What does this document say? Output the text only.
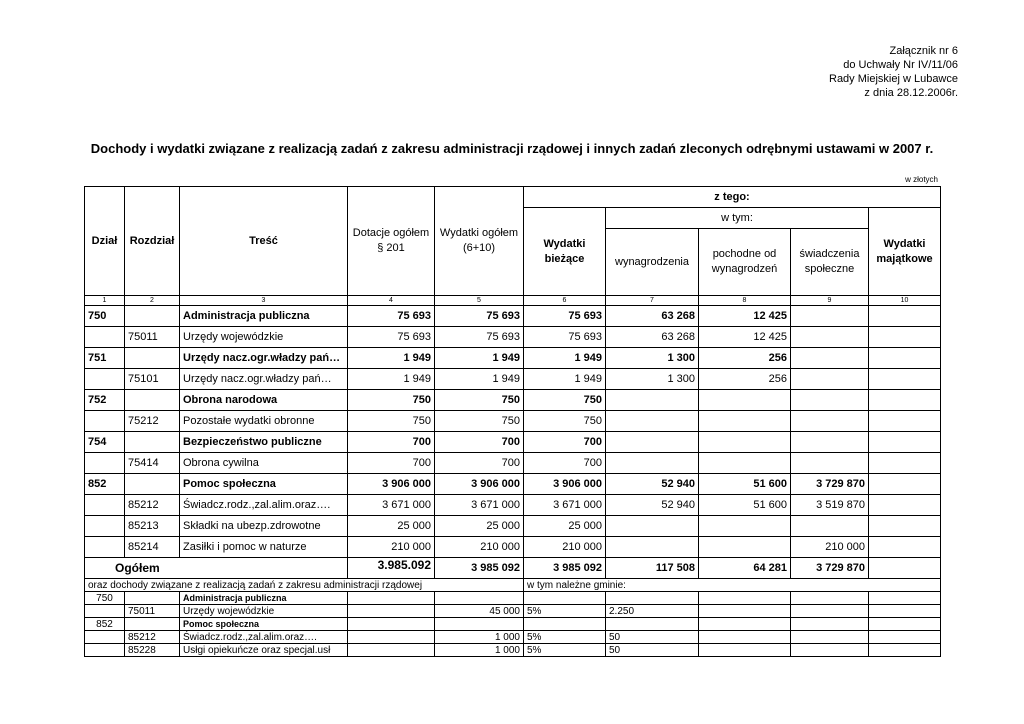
Załącznik nr 6
do Uchwały Nr IV/11/06
Rady Miejskiej w Lubawce
z dnia 28.12.2006r.
Dochody i wydatki związane z realizacją zadań z zakresu administracji rządowej i innych zadań zleconych odrębnymi ustawami w 2007 r.
w złotych
Dział	Rozdział	Treść	Dotacje ogółem § 201	Wydatki ogółem (6+10)	z tego:				
					Wydatki bieżące	w tym:			Wydatki majątkowe
						wynagrodzenia	pochodne od wynagrodzeń	świadczenia społeczne	
1	2	3	4	5	6	7	8	9	10
750		Administracja publiczna	75 693	75 693	75 693	63 268	12 425		
	75011	Urzędy wojewódzkie	75 693	75 693	75 693	63 268	12 425		
751		Urzędy nacz.ogr.władzy pań…	1 949	1 949	1 949	1 300	256		
	75101	Urzędy nacz.ogr.władzy pań…	1 949	1 949	1 949	1 300	256		
752		Obrona narodowa	750	750	750				
	75212	Pozostałe wydatki obronne	750	750	750				
754		Bezpieczeństwo publiczne	700	700	700				
	75414	Obrona cywilna	700	700	700				
852		Pomoc społeczna	3 906 000	3 906 000	3 906 000	52 940	51 600	3 729 870	
	85212	Świadcz.rodz.,zal.alim.oraz….	3 671 000	3 671 000	3 671 000	52 940	51 600	3 519 870	
	85213	Składki na ubezp.zdrowotne	25 000	25 000	25 000				
	85214	Zasiłki i pomoc w naturze	210 000	210 000	210 000			210 000	
Ogółem			3.985.092	3 985 092	3 985 092	117 508	64 281	3 729 870	
oraz dochody związane z realizacją zadań z zakresu administracji rządowej					w tym należne gminie:				
750		Administracja publiczna							
	75011	Urzędy wojewódzkie		45 000	5%	2.250			
852		Pomoc społeczna							
	85212	Świadcz.rodz.,zal.alim.oraz….		1 000	5%	50			
	85228	Usłgi opiekuńcze oraz specjal.usł		1 000	5%	50			
